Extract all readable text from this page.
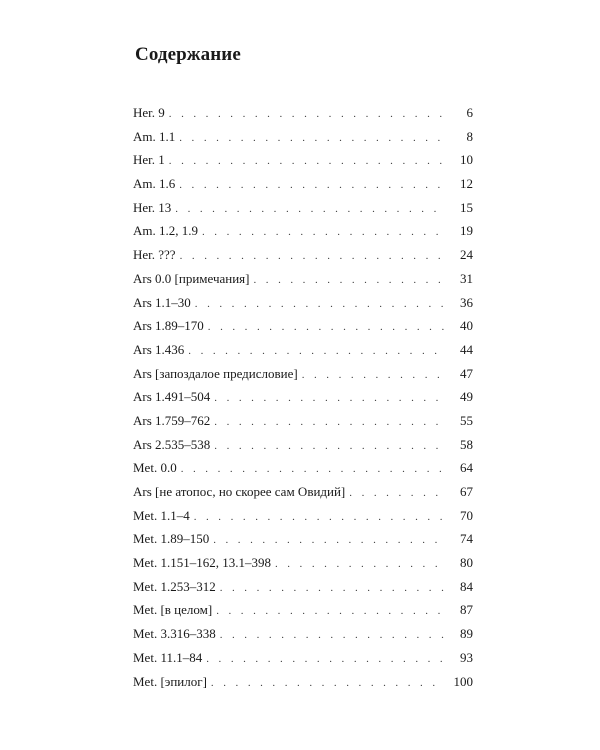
Содержание
Her. 9 . . .	6
Am. 1.1 . . .	8
Her. 1 . . .	10
Am. 1.6 . . .	12
Her. 13 . . .	15
Am. 1.2, 1.9 . . .	19
Her. ??? . . .	24
Ars 0.0 [примечания] . . .	31
Ars 1.1–30 . . .	36
Ars 1.89–170 . . .	40
Ars 1.436 . . .	44
Ars [запоздалое предисловие] . . .	47
Ars 1.491–504 . . .	49
Ars 1.759–762 . . .	55
Ars 2.535–538 . . .	58
Met. 0.0 . . .	64
Ars [не атопос, но скорее сам Овидий] . . .	67
Met. 1.1–4 . . .	70
Met. 1.89–150 . . .	74
Met. 1.151–162, 13.1–398 . . .	80
Met. 1.253–312 . . .	84
Met. [в целом] . . .	87
Met. 3.316–338 . . .	89
Met. 11.1–84 . . .	93
Met. [эпилог] . . .	100
